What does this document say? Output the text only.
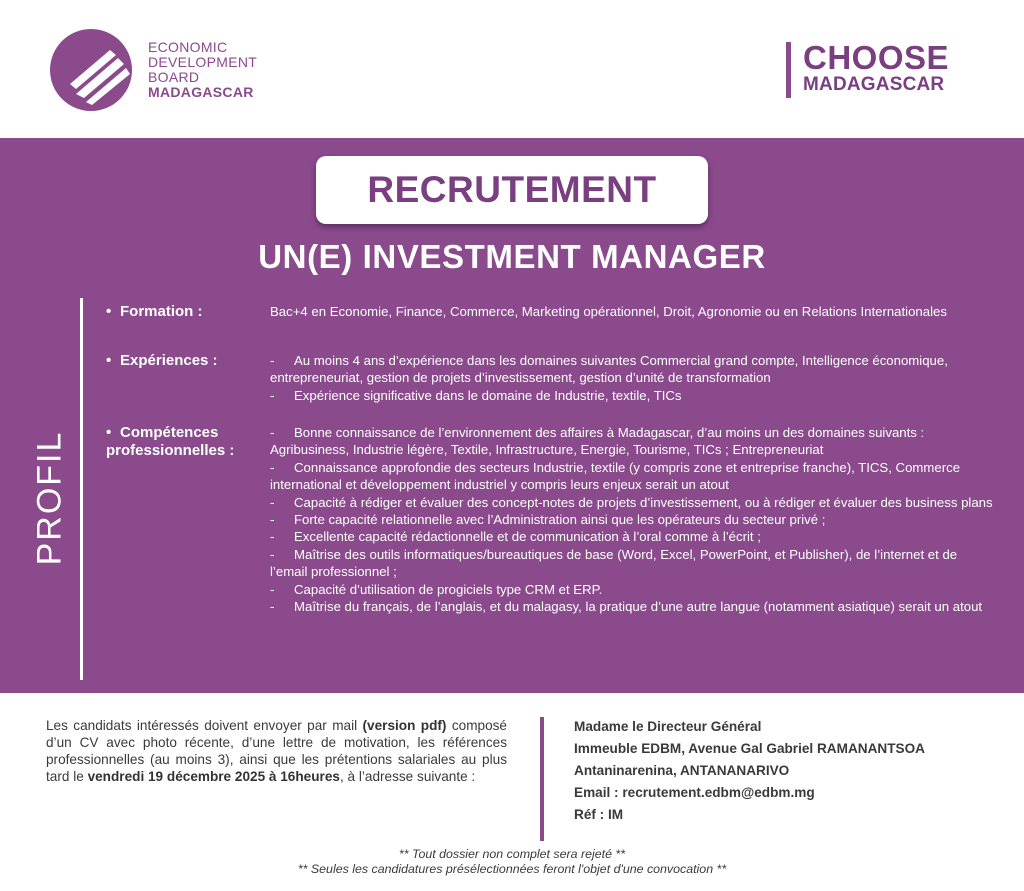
ECONOMIC
DEVELOPMENT
BOARD
MADAGASCAR
CHOOSE
MADAGASCAR
RECRUTEMENT
UN(E) INVESTMENT MANAGER
PROFIL
• Formation :	Bac+4 en Economie, Finance, Commerce, Marketing opérationnel, Droit, Agronomie ou en Relations Internationales

• Expériences :	- Au moins 4 ans d’expérience dans les domaines suivantes Commercial grand compte, Intelligence économique, entrepreneuriat, gestion de projets d’investissement, gestion d’unité de transformation

- Expérience significative dans le domaine de Industrie, textile, TICs

• Compétences
professionnelles :

- Bonne connaissance de l’environnement des affaires à Madagascar, d’au moins un des domaines suivants : Agribusiness, Industrie légère, Textile, Infrastructure, Energie, Tourisme, TICs ; Entrepreneuriat

- Connaissance approfondie des secteurs Industrie, textile (y compris zone et entreprise franche), TICS, Commerce international et développement industriel y compris leurs enjeux serait un atout

- Capacité à rédiger et évaluer des concept-notes de projets d’investissement, ou à rédiger et évaluer des business plans

- Forte capacité relationnelle avec l’Administration ainsi que les opérateurs du secteur privé ;

- Excellente capacité rédactionnelle et de communication à l’oral comme à l’écrit ;

- Maîtrise des outils informatiques/bureautiques de base (Word, Excel, PowerPoint, et Publisher), de l’internet et de l’email professionnel ;

- Capacité d’utilisation de progiciels type CRM et ERP.

- Maîtrise du français, de l’anglais, et du malagasy, la pratique d’une autre langue (notamment asiatique) serait un atout

Les candidats intéressés doivent envoyer par mail (version pdf) composé d’un CV avec photo récente, d’une lettre de motivation, les références professionnelles (au moins 3), ainsi que les prétentions salariales au plus tard le vendredi 19 décembre 2025 à 16heures, à l’adresse suivante :
Madame le Directeur Général
Immeuble EDBM, Avenue Gal Gabriel RAMANANTSOA
Antaninarenina, ANTANANARIVO
Email : recrutement.edbm@edbm.mg
Réf : IM
** Tout dossier non complet sera rejeté **
** Seules les candidatures présélectionnées feront l'objet d'une convocation **
